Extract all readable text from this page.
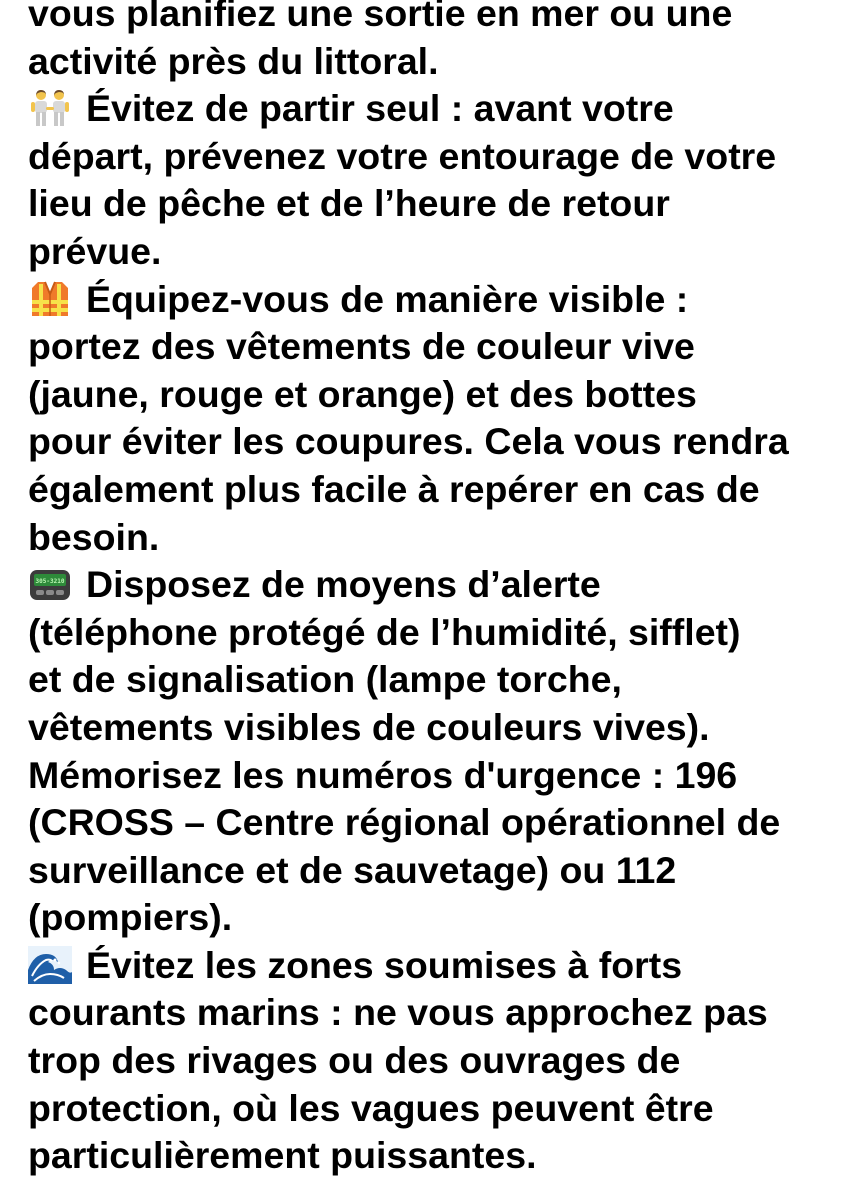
vous planifiez une sortie en mer ou une
activité près du littoral.
Évitez de partir seul : avant votre
départ, prévenez votre entourage de votre
lieu de pêche et de l’heure de retour
prévue.
Équipez-vous de manière visible :
portez des vêtements de couleur vive
(jaune, rouge et orange) et des bottes
pour éviter les coupures. Cela vous rendra
également plus facile à repérer en cas de
besoin.
305-3210 Disposez de moyens d’alerte
(téléphone protégé de l’humidité, sifflet)
et de signalisation (lampe torche,
vêtements visibles de couleurs vives).
Mémorisez les numéros d'urgence : 196
(CROSS – Centre régional opérationnel de
surveillance et de sauvetage) ou 112
(pompiers).
Évitez les zones soumises à forts
courants marins : ne vous approchez pas
trop des rivages ou des ouvrages de
protection, où les vagues peuvent être
particulièrement puissantes.
